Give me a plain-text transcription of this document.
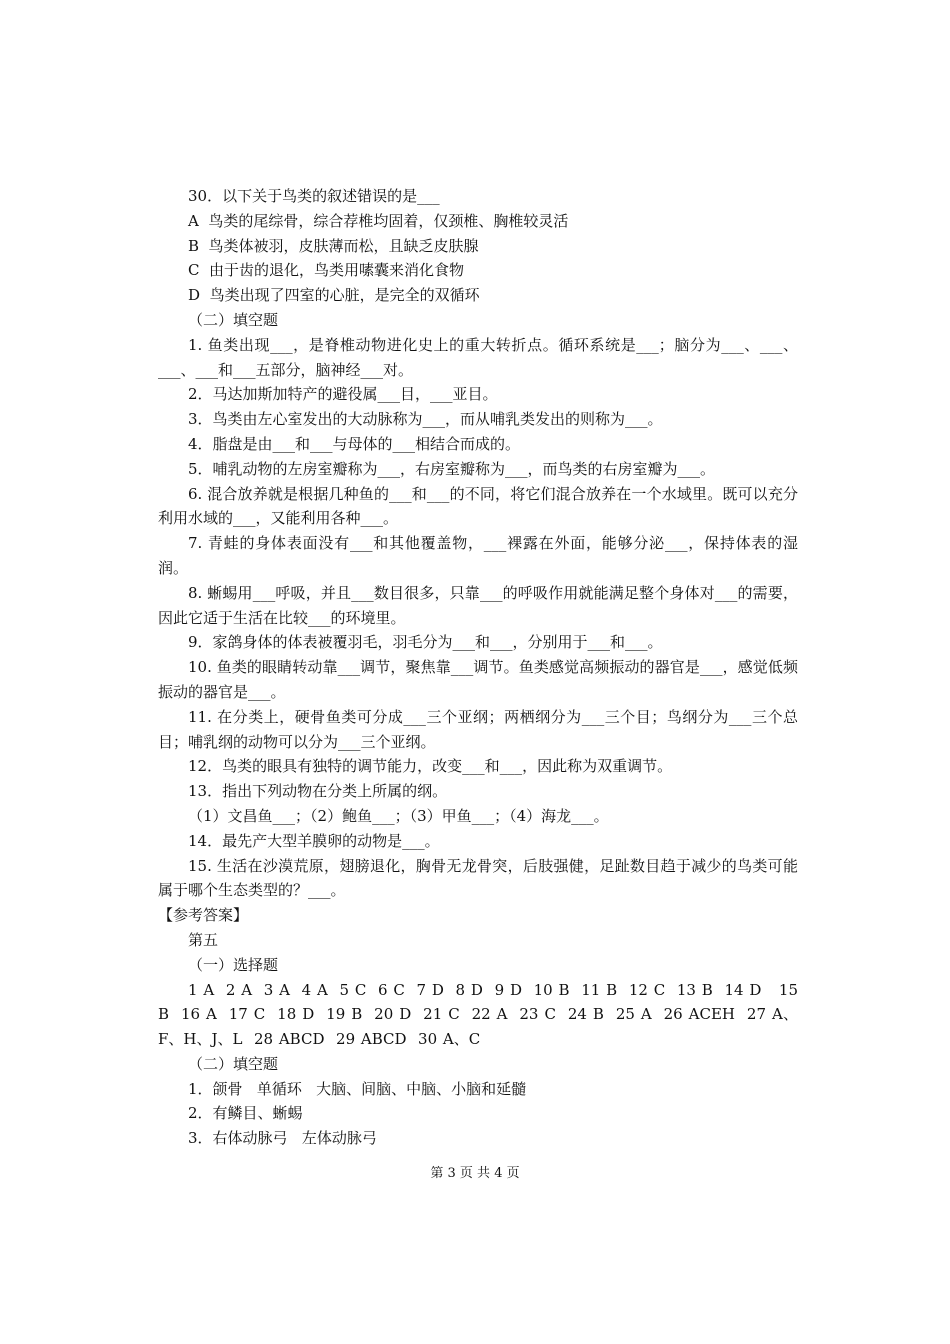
30．以下关于鸟类的叙述错误的是___

A  鸟类的尾综骨，综合荐椎均固着，仅颈椎、胸椎较灵活

B  鸟类体被羽，皮肤薄而松，且缺乏皮肤腺

C  由于齿的退化，鸟类用嗉囊来消化食物

D  鸟类出现了四室的心脏，是完全的双循环

（二）填空题

1. 鱼类出现___，是脊椎动物进化史上的重大转折点。循环系统是___；脑分为___、___、___、___和___五部分，脑神经___对。

2．马达加斯加特产的避役属___目，___亚目。

3．鸟类由左心室发出的大动脉称为___，而从哺乳类发出的则称为___。

4．脂盘是由___和___与母体的___相结合而成的。

5．哺乳动物的左房室瓣称为___，右房室瓣称为___，而鸟类的右房室瓣为___。

6. 混合放养就是根据几种鱼的___和___的不同，将它们混合放养在一个水域里。既可以充分利用水域的___，又能利用各种___。

7. 青蛙的身体表面没有___和其他覆盖物，___裸露在外面，能够分泌___，保持体表的湿润。

8. 蜥蜴用___呼吸，并且___数目很多，只靠___的呼吸作用就能满足整个身体对___的需要，因此它适于生活在比较___的环境里。

9．家鸽身体的体表被覆羽毛，羽毛分为___和___，分别用于___和___。

10. 鱼类的眼睛转动靠___调节，聚焦靠___调节。鱼类感觉高频振动的器官是___，感觉低频振动的器官是___。

11. 在分类上，硬骨鱼类可分成___三个亚纲；两栖纲分为___三个目；鸟纲分为___三个总目；哺乳纲的动物可以分为___三个亚纲。

12．鸟类的眼具有独特的调节能力，改变___和___，因此称为双重调节。

13．指出下列动物在分类上所属的纲。

（1）文昌鱼___；（2）鲍鱼___；（3）甲鱼___；（4）海龙___。

14．最先产大型羊膜卵的动物是___。

15. 生活在沙漠荒原，翅膀退化，胸骨无龙骨突，后肢强健，足趾数目趋于减少的鸟类可能属于哪个生态类型的？___。

【参考答案】

第五

（一）选择题

1 A  2 A  3 A  4 A  5 C  6 C  7 D  8 D  9 D  10 B  11 B  12 C  13 B  14 D   15 B  16 A  17 C  18 D  19 B  20 D  21 C  22 A  23 C  24 B  25 A  26 ACEH  27 A、F、H、J、L  28 ABCD  29 ABCD  30 A、C

（二）填空题

1．颌骨   单循环   大脑、间脑、中脑、小脑和延髓

2．有鳞目、蜥蜴

3．右体动脉弓   左体动脉弓

第 3 页 共 4 页
